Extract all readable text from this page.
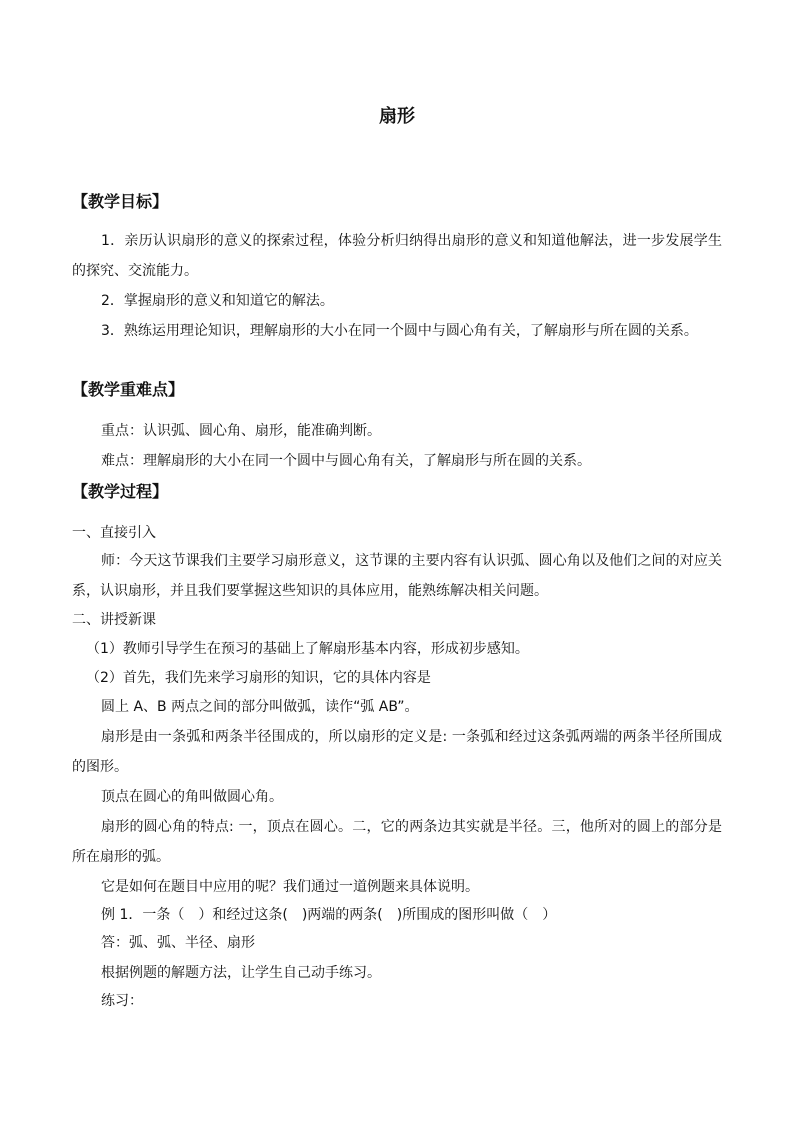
扇形
【教学目标】
1．亲历认识扇形的意义的探索过程，体验分析归纳得出扇形的意义和知道他解法，进一步发展学生的探究、交流能力。
2．掌握扇形的意义和知道它的解法。
3．熟练运用理论知识，理解扇形的大小在同一个圆中与圆心角有关，了解扇形与所在圆的关系。
【教学重难点】
重点：认识弧、圆心角、扇形，能准确判断。
难点：理解扇形的大小在同一个圆中与圆心角有关，了解扇形与所在圆的关系。
【教学过程】
一、直接引入
师：今天这节课我们主要学习扇形意义，这节课的主要内容有认识弧、圆心角以及他们之间的对应关系，认识扇形，并且我们要掌握这些知识的具体应用，能熟练解决相关问题。
二、讲授新课
（1）教师引导学生在预习的基础上了解扇形基本内容，形成初步感知。
（2）首先，我们先来学习扇形的知识，它的具体内容是
圆上 A、B 两点之间的部分叫做弧，读作“弧 AB”。
扇形是由一条弧和两条半径围成的，所以扇形的定义是: 一条弧和经过这条弧两端的两条半径所围成的图形。
顶点在圆心的角叫做圆心角。
扇形的圆心角的特点: 一，顶点在圆心。二，它的两条边其实就是半径。三，他所对的圆上的部分是所在扇形的弧。
它是如何在题目中应用的呢？我们通过一道例题来具体说明。
例 1．一条（　）和经过这条(　)两端的两条(　)所围成的图形叫做（　）
答：弧、弧、半径、扇形
根据例题的解题方法，让学生自己动手练习。
练习：
